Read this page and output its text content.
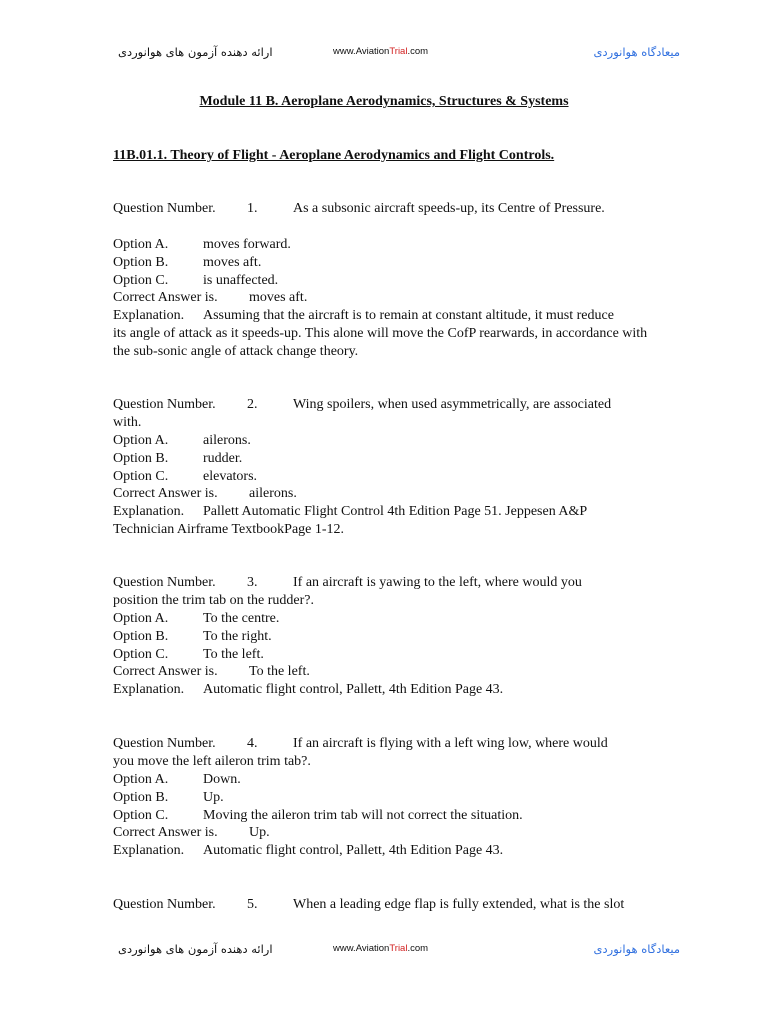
ارائه دهنده آزمون های هوانوردی	www.AviationTrial.com	میعادگاه هوانوردی
Module 11 B. Aeroplane Aerodynamics, Structures & Systems
11B.01.1. Theory of Flight - Aeroplane Aerodynamics and Flight Controls.
Question Number. 1.	As a subsonic aircraft speeds-up, its Centre of Pressure.
Option A. moves forward.
Option B. moves aft.
Option C. is unaffected.
Correct Answer is. moves aft.
Explanation. Assuming that the aircraft is to remain at constant altitude, it must reduce
its angle of attack as it speeds-up. This alone will move the CofP rearwards, in accordance with the sub-sonic angle of attack change theory.
Question Number. 2.	Wing spoilers, when used asymmetrically, are associated
with.
Option A. ailerons.
Option B. rudder.
Option C. elevators.
Correct Answer is. ailerons.
Explanation. Pallett Automatic Flight Control 4th Edition Page 51. Jeppesen A&P
Technician Airframe TextbookPage 1-12.
Question Number. 3.	If an aircraft is yawing to the left, where would you
position the trim tab on the rudder?.
Option A. To the centre.
Option B. To the right.
Option C. To the left.
Correct Answer is. To the left.
Explanation. Automatic flight control, Pallett, 4th Edition Page 43.
Question Number. 4.	If an aircraft is flying with a left wing low, where would
you move the left aileron trim tab?.
Option A. Down.
Option B. Up.
Option C. Moving the aileron trim tab will not correct the situation.
Correct Answer is. Up.
Explanation. Automatic flight control, Pallett, 4th Edition Page 43.
Question Number. 5.	When a leading edge flap is fully extended, what is the slot
ارائه دهنده آزمون های هوانوردی	www.AviationTrial.com	میعادگاه هوانوردی
